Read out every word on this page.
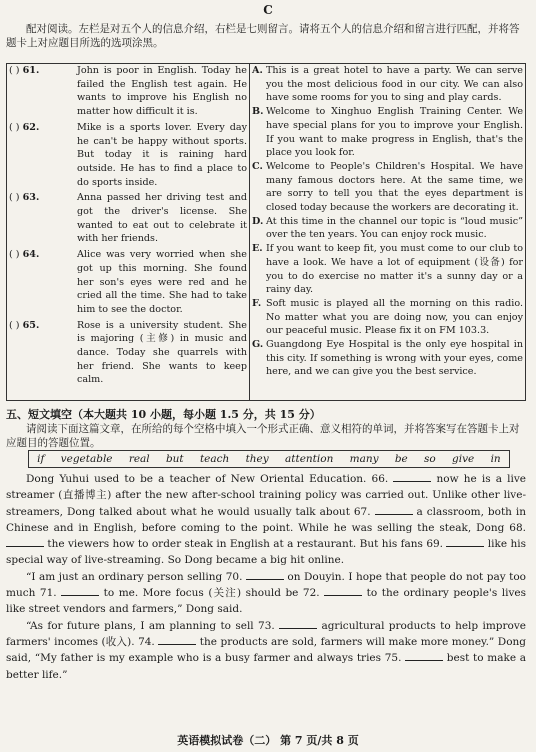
C
配对阅读。左栏是对五个人的信息介绍，右栏是七则留言。请将五个人的信息介绍和留言进行匹配，并将答题卡上对应题目所选的选项涂黑。
( ) 61.	John is poor in English. Today he failed the English test again. He wants to improve his English no matter how difficult it is.
( ) 62.	Mike is a sports lover. Every day he can't be happy without sports. But today it is raining hard outside. He has to find a place to do sports inside.
( ) 63.	Anna passed her driving test and got the driver's license. She wanted to eat out to celebrate it with her friends.
( ) 64.	Alice was very worried when she got up this morning. She found her son's eyes were red and he cried all the time. She had to take him to see the doctor.
( ) 65.	Rose is a university student. She is majoring (主修) in music and dance. Today she quarrels with her friend. She wants to keep calm.

A. This is a great hotel to have a party. We can serve you the most delicious food in our city. We can also have some rooms for you to sing and play cards.
B. Welcome to Xinghuo English Training Center. We have special plans for you to improve your English. If you want to make progress in English, that's the place you look for.
C. Welcome to People's Children's Hospital. We have many famous doctors here. At the same time, we are sorry to tell you that the eyes department is closed today because the workers are decorating it.
D. At this time in the channel our topic is “loud music” over the ten years. You can enjoy rock music.
E. If you want to keep fit, you must come to our club to have a look. We have a lot of equipment (设备) for you to do exercise no matter it's a sunny day or a rainy day.
F. Soft music is played all the morning on this radio. No matter what you are doing now, you can enjoy our peaceful music. Please fix it on FM 103.3.
G. Guangdong Eye Hospital is the only eye hospital in this city. If something is wrong with your eyes, come here, and we can give you the best service.
五、短文填空（本大题共 10 小题，每小题 1.5 分，共 15 分）
请阅读下面这篇文章，在所给的每个空格中填入一个形式正确、意义相符的单词，并将答案写在答题卡上对应题目的答题位置。
if vegetable real but teach they attention many be so give in

Dong Yuhui used to be a teacher of New Oriental Education. 66.	now he is a live streamer (直播博主) after the new after-school training policy was carried out. Unlike other live-streamers, Dong talked about what he would usually talk about 67.	a classroom, both in Chinese and in English, before coming to the point. While he was selling the steak, Dong 68.  the viewers how to order steak in English at a restaurant. But his fans 69.	like his special way of live-streaming. So Dong became a big hit online.

“I am just an ordinary person selling 70.	on Douyin. I hope that people do not pay too much 71.	to me. More focus (关注) should be 72.	to the ordinary people's lives like street vendors and farmers,” Dong said.

“As for future plans, I am planning to sell 73.	agricultural products to help improve farmers' incomes (收入). 74.	the products are sold, farmers will make more money.” Dong said, “My father is my example who is a busy farmer and always tries 75.	best to make a better life.”

英语模拟试卷（二） 第 7 页/共 8 页
